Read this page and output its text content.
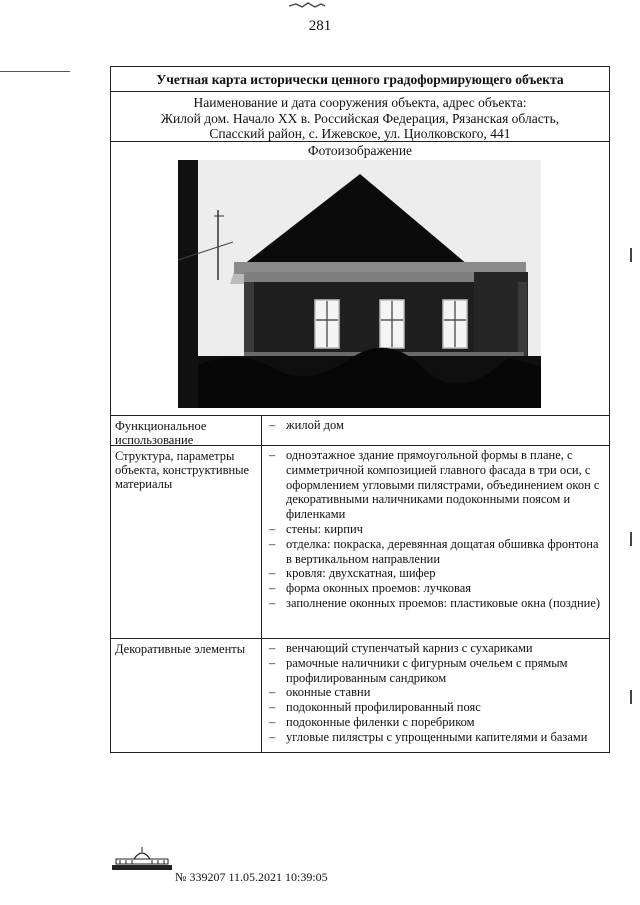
281
Учетная карта исторически ценного градоформирующего объекта
Наименование и дата сооружения объекта, адрес объекта:
Жилой дом. Начало XX в. Российская Федерация, Рязанская область,
Спасский район, с. Ижевское, ул. Циолковского, 441
Фотоизображение
Функциональное использование
– жилой дом
Структура, параметры объекта, конструктивные материалы
– одноэтажное здание прямоугольной формы в плане, с симметричной композицией главного фасада в три оси, с оформлением угловыми пилястрами, объединением окон с декоративными наличниками подоконными поясом и филенками
– стены: кирпич
– отделка: покраска, деревянная дощатая обшивка фронтона в вертикальном направлении
– кровля: двухскатная, шифер
– форма оконных проемов: лучковая
– заполнение оконных проемов: пластиковые окна (поздние)
Декоративные элементы
–	венчающий ступенчатый карниз с сухариками
– рамочные наличники с фигурным очельем с прямым профилированным сандриком
– оконные ставни
– подоконный профилированный пояс
– подоконные филенки с поребриком
– угловые пилястры с упрощенными капителями и базами
№ 339207 11.05.2021 10:39:05
